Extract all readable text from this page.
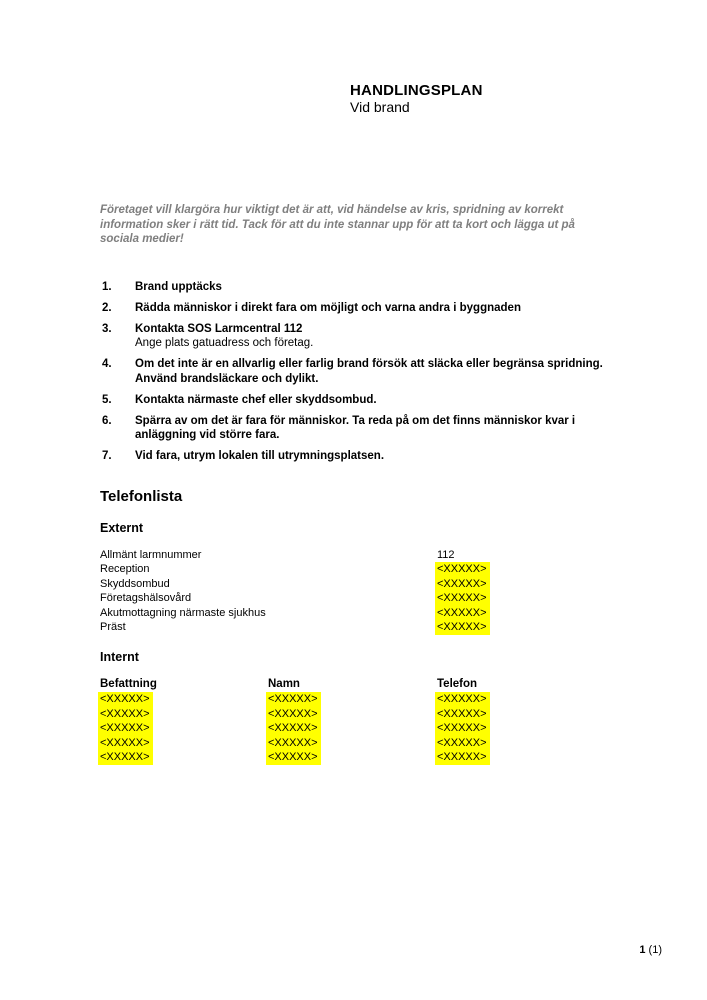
HANDLINGSPLAN
Vid brand

Företaget vill klargöra hur viktigt det är att, vid händelse av kris, spridning av korrekt information sker i rätt tid. Tack för att du inte stannar upp för att ta kort och lägga ut på sociala medier!

1.	Brand upptäcks
2.	Rädda människor i direkt fara om möjligt och varna andra i byggnaden
3.	Kontakta SOS Larmcentral 112
Ange plats gatuadress och företag.
4.	Om det inte är en allvarlig eller farlig brand försök att släcka eller begränsa spridning. Använd brandsläckare och dylikt.
5.	Kontakta närmaste chef eller skyddsombud.
6.	Spärra av om det är fara för människor. Ta reda på om det finns människor kvar i anläggning vid större fara.
7.	Vid fara, utrym lokalen till utrymningsplatsen.
Telefonlista
Externt
Allmänt larmnummer	112
Reception	<XXXXX>
Skyddsombud	<XXXXX>
Företagshälsovård	<XXXXX>
Akutmottagning närmaste sjukhus	<XXXXX>
Präst	<XXXXX>
Internt
Befattning	Namn	Telefon
<XXXXX>	<XXXXX>	<XXXXX>
<XXXXX>	<XXXXX>	<XXXXX>
<XXXXX>	<XXXXX>	<XXXXX>
<XXXXX>	<XXXXX>	<XXXXX>
<XXXXX>	<XXXXX>	<XXXXX>
1 (1)
